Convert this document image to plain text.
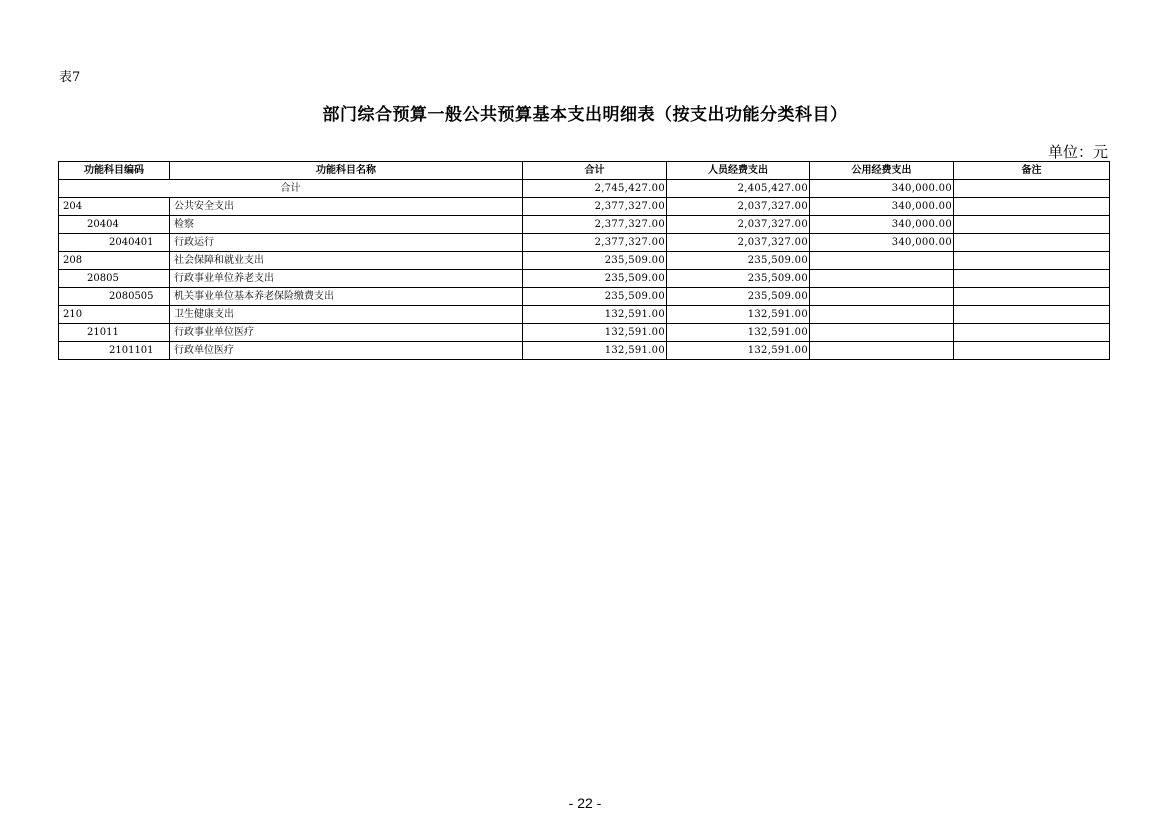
表7
部门综合预算一般公共预算基本支出明细表（按支出功能分类科目）
单位：元
功能科目编码	功能科目名称	合计	人员经费支出	公用经费支出	备注
合计		2,745,427.00	2,405,427.00	340,000.00	
204	公共安全支出	2,377,327.00	2,037,327.00	340,000.00	
20404	检察	2,377,327.00	2,037,327.00	340,000.00	
2040401	行政运行	2,377,327.00	2,037,327.00	340,000.00	
208	社会保障和就业支出	235,509.00	235,509.00		
20805	行政事业单位养老支出	235,509.00	235,509.00		
2080505	机关事业单位基本养老保险缴费支出	235,509.00	235,509.00		
210	卫生健康支出	132,591.00	132,591.00		
21011	行政事业单位医疗	132,591.00	132,591.00		
2101101	行政单位医疗	132,591.00	132,591.00		
- 22 -
